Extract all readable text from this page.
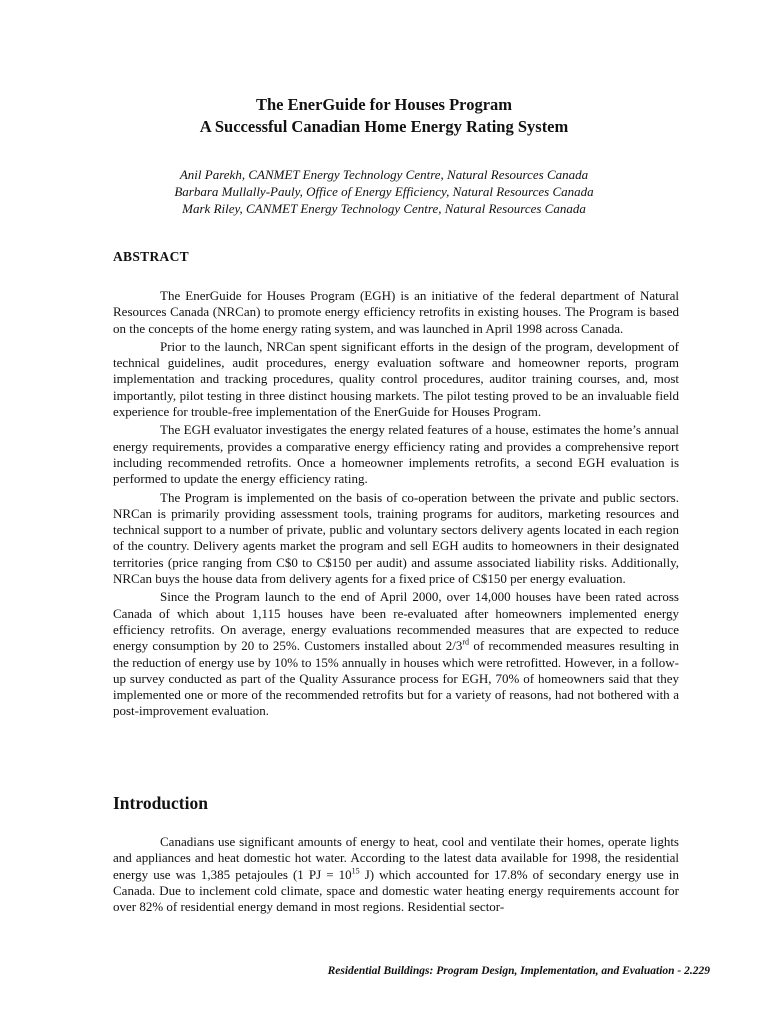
The EnerGuide for Houses Program
A Successful Canadian Home Energy Rating System
Anil Parekh, CANMET Energy Technology Centre, Natural Resources Canada
Barbara Mullally-Pauly, Office of Energy Efficiency, Natural Resources Canada
Mark Riley, CANMET Energy Technology Centre, Natural Resources Canada
ABSTRACT

The EnerGuide for Houses Program (EGH) is an initiative of the federal department of Natural Resources Canada (NRCan) to promote energy efficiency retrofits in existing houses. The Program is based on the concepts of the home energy rating system, and was launched in April 1998 across Canada.

Prior to the launch, NRCan spent significant efforts in the design of the program, development of technical guidelines, audit procedures, energy evaluation software and homeowner reports, program implementation and tracking procedures, quality control procedures, auditor training courses, and, most importantly, pilot testing in three distinct housing markets. The pilot testing proved to be an invaluable field experience for trouble-free implementation of the EnerGuide for Houses Program.

The EGH evaluator investigates the energy related features of a house, estimates the home’s annual energy requirements, provides a comparative energy efficiency rating and provides a comprehensive report including recommended retrofits. Once a homeowner implements retrofits, a second EGH evaluation is performed to update the energy efficiency rating.

The Program is implemented on the basis of co-operation between the private and public sectors. NRCan is primarily providing assessment tools, training programs for auditors, marketing resources and technical support to a number of private, public and voluntary sectors delivery agents located in each region of the country. Delivery agents market the program and sell EGH audits to homeowners in their designated territories (price ranging from C$0 to C$150 per audit) and assume associated liability risks. Additionally, NRCan buys the house data from delivery agents for a fixed price of C$150 per energy evaluation.

Since the Program launch to the end of April 2000, over 14,000 houses have been rated across Canada of which about 1,115 houses have been re-evaluated after homeowners implemented energy efficiency retrofits. On average, energy evaluations recommended measures that are expected to reduce energy consumption by 20 to 25%. Customers installed about 2/3rd of recommended measures resulting in the reduction of energy use by 10% to 15% annually in houses which were retrofitted. However, in a follow-up survey conducted as part of the Quality Assurance process for EGH, 70% of homeowners said that they implemented one or more of the recommended retrofits but for a variety of reasons, had not bothered with a post-improvement evaluation.

Introduction

Canadians use significant amounts of energy to heat, cool and ventilate their homes, operate lights and appliances and heat domestic hot water. According to the latest data available for 1998, the residential energy use was 1,385 petajoules (1 PJ = $10^{15}$ J) which accounted for 17.8% of secondary energy use in Canada. Due to inclement cold climate, space and domestic water heating energy requirements account for over 82% of residential energy demand in most regions. Residential sector-

Residential Buildings: Program Design, Implementation, and Evaluation - 2.229
